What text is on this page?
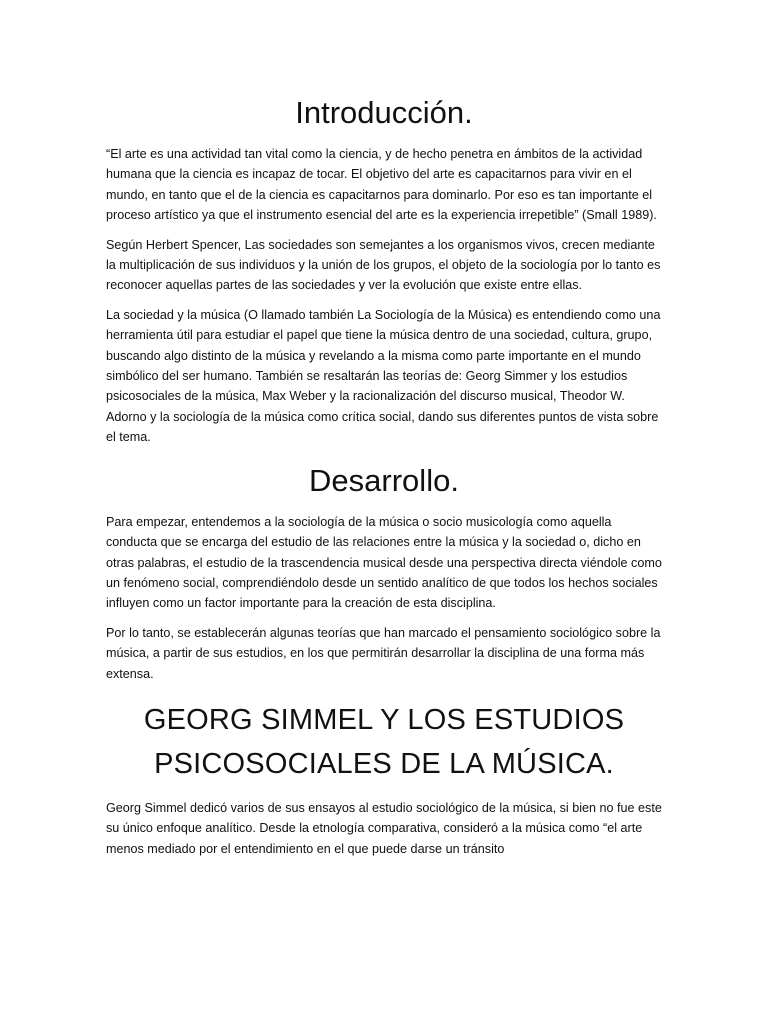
Introducción.

“El arte es una actividad tan vital como la ciencia, y de hecho penetra en ámbitos de la actividad humana que la ciencia es incapaz de tocar. El objetivo del arte es capacitarnos para vivir en el mundo, en tanto que el de la ciencia es capacitarnos para dominarlo. Por eso es tan importante el proceso artístico ya que el instrumento esencial del arte es la experiencia irrepetible” (Small 1989).

Según Herbert Spencer, Las sociedades son semejantes a los organismos vivos, crecen mediante la multiplicación de sus individuos y la unión de los grupos, el objeto de la sociología por lo tanto es reconocer aquellas partes de las sociedades y ver la evolución que existe entre ellas.

La sociedad y la música (O llamado también La Sociología de la Música) es entendiendo como una herramienta útil para estudiar el papel que tiene la música dentro de una sociedad, cultura, grupo, buscando algo distinto de la música y revelando a la misma como parte importante en el mundo simbólico del ser humano. También se resaltarán las teorías de: Georg Simmer y los estudios psicosociales de la música, Max Weber y la racionalización del discurso musical, Theodor W. Adorno y la sociología de la música como crítica social, dando sus diferentes puntos de vista sobre el tema.

Desarrollo.

Para empezar, entendemos a la sociología de la música o socio musicología como aquella conducta que se encarga del estudio de las relaciones entre la música y la sociedad o, dicho en otras palabras, el estudio de la trascendencia musical desde una perspectiva directa viéndole como un fenómeno social, comprendiéndolo desde un sentido analítico de que todos los hechos sociales influyen como un factor importante para la creación de esta disciplina.

Por lo tanto, se establecerán algunas teorías que han marcado el pensamiento sociológico sobre la música, a partir de sus estudios, en los que permitirán desarrollar la disciplina de una forma más extensa.

GEORG SIMMEL Y LOS ESTUDIOS
PSICOSOCIALES DE LA MÚSICA.

Georg Simmel dedicó varios de sus ensayos al estudio sociológico de la música, si bien no fue este su único enfoque analítico. Desde la etnología comparativa, consideró a la música como “el arte menos mediado por el entendimiento en el que puede darse un tránsito
